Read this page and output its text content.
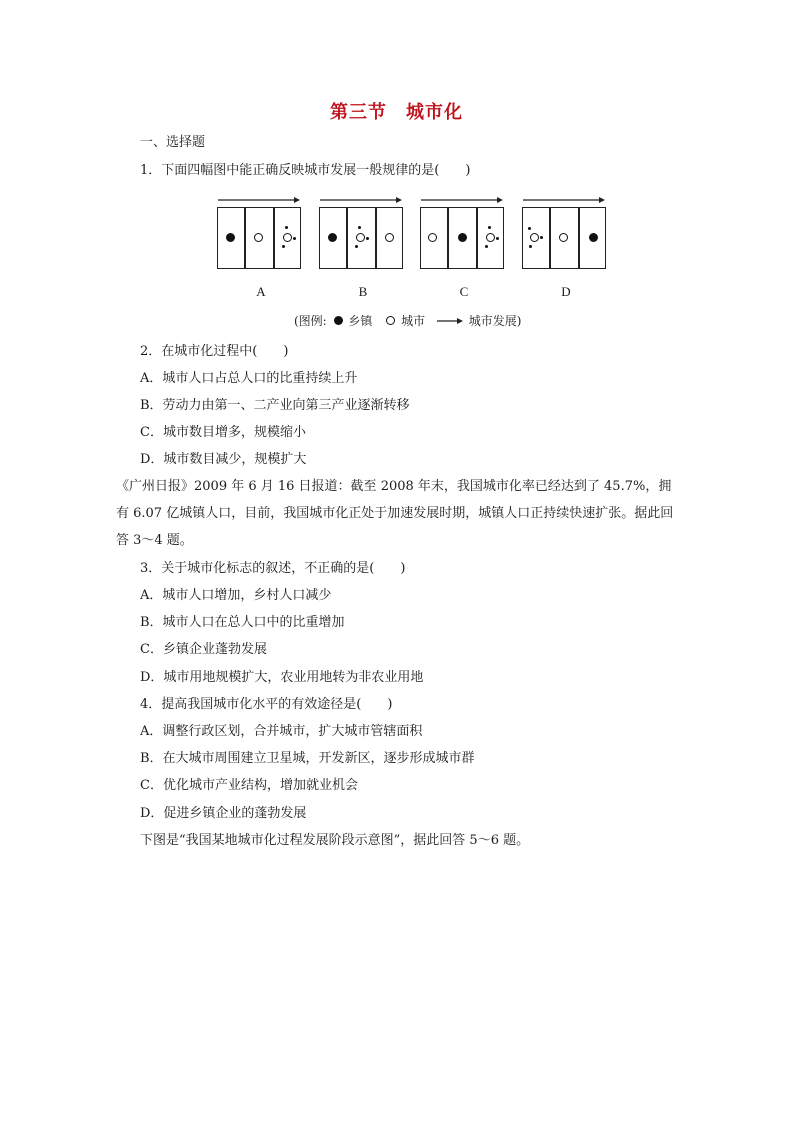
第三节　城市化
一、选择题
1．下面四幅图中能正确反映城市发展一般规律的是(　　)
A	B	C	D
(图例: 乡镇 城市	城市发展)
2．在城市化过程中(　　)
A．城市人口占总人口的比重持续上升
B．劳动力由第一、二产业向第三产业逐渐转移
C．城市数目增多，规模缩小
D．城市数目减少，规模扩大
《广州日报》2009 年 6 月 16 日报道：截至 2008 年末，我国城市化率已经达到了 45.7%，拥有 6.07 亿城镇人口，目前，我国城市化正处于加速发展时期，城镇人口正持续快速扩张。据此回答 3～4 题。
3．关于城市化标志的叙述，不正确的是(　　)
A．城市人口增加，乡村人口减少
B．城市人口在总人口中的比重增加
C．乡镇企业蓬勃发展
D．城市用地规模扩大，农业用地转为非农业用地
4．提高我国城市化水平的有效途径是(　　)
A．调整行政区划，合并城市，扩大城市管辖面积
B．在大城市周围建立卫星城，开发新区，逐步形成城市群
C．优化城市产业结构，增加就业机会
D．促进乡镇企业的蓬勃发展
下图是“我国某地城市化过程发展阶段示意图”，据此回答 5～6 题。
